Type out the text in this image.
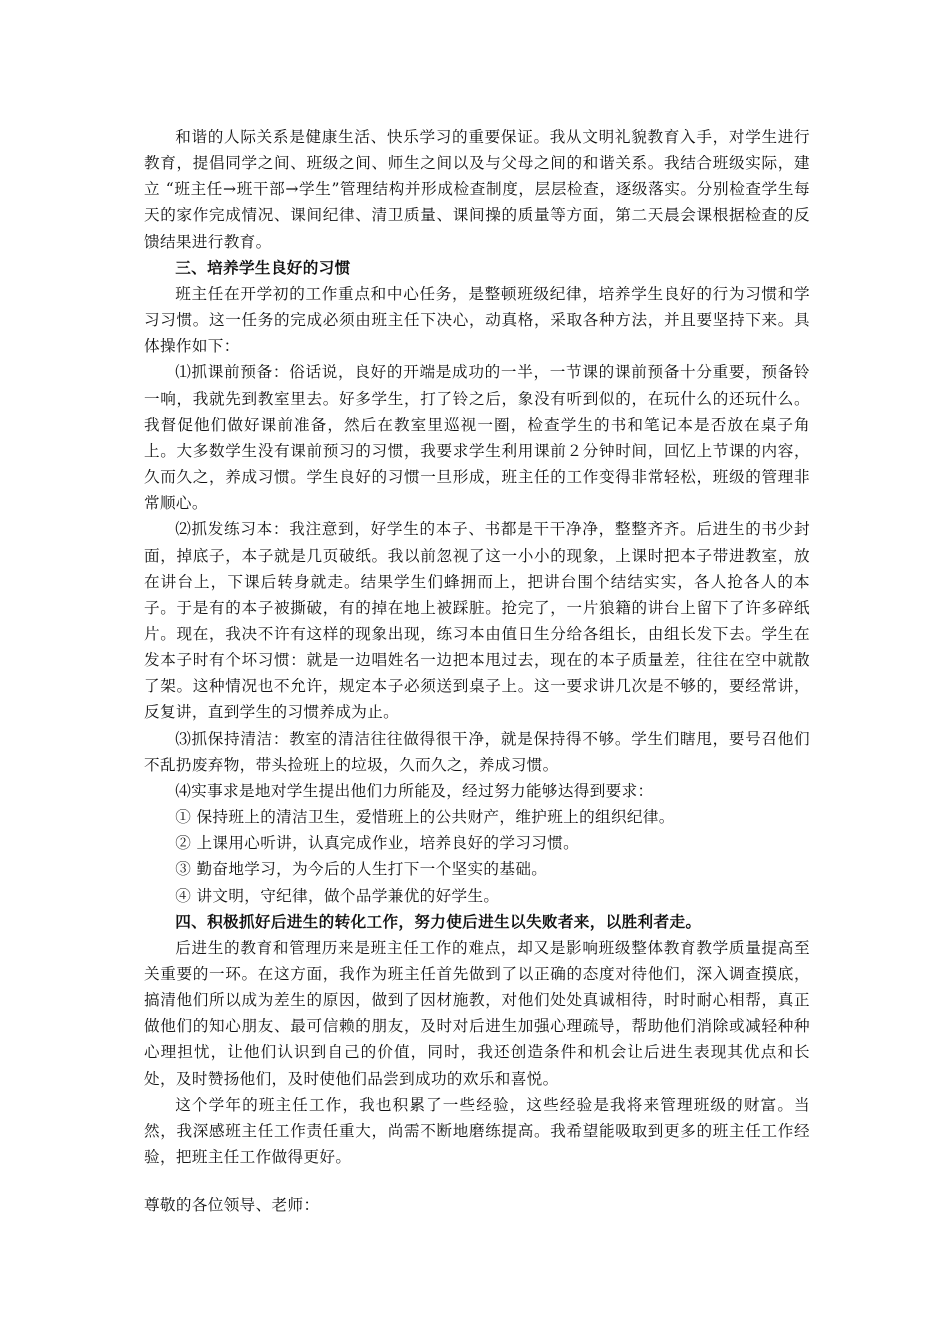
和谐的人际关系是健康生活、快乐学习的重要保证。我从文明礼貌教育入手，对学生进行教育，提倡同学之间、班级之间、师生之间以及与父母之间的和谐关系。我结合班级实际，建立 “班主任→班干部→学生”管理结构并形成检查制度，层层检查，逐级落实。分别检查学生每天的家作完成情况、课间纪律、清卫质量、课间操的质量等方面，第二天晨会课根据检查的反馈结果进行教育。

三、培养学生良好的习惯

班主任在开学初的工作重点和中心任务，是整顿班级纪律，培养学生良好的行为习惯和学习习惯。这一任务的完成必须由班主任下决心，动真格，采取各种方法，并且要坚持下来。具体操作如下：

⑴抓课前预备：俗话说，良好的开端是成功的一半，一节课的课前预备十分重要，预备铃一响，我就先到教室里去。好多学生，打了铃之后，象没有听到似的，在玩什么的还玩什么。我督促他们做好课前准备，然后在教室里巡视一圈，检查学生的书和笔记本是否放在桌子角上。大多数学生没有课前预习的习惯，我要求学生利用课前２分钟时间，回忆上节课的内容，久而久之，养成习惯。学生良好的习惯一旦形成，班主任的工作变得非常轻松，班级的管理非常顺心。

⑵抓发练习本：我注意到，好学生的本子、书都是干干净净，整整齐齐。后进生的书少封面，掉底子，本子就是几页破纸。我以前忽视了这一小小的现象，上课时把本子带进教室，放在讲台上，下课后转身就走。结果学生们蜂拥而上，把讲台围个结结实实，各人抢各人的本子。于是有的本子被撕破，有的掉在地上被踩脏。抢完了，一片狼籍的讲台上留下了许多碎纸片。现在，我决不许有这样的现象出现，练习本由值日生分给各组长，由组长发下去。学生在发本子时有个坏习惯：就是一边唱姓名一边把本甩过去，现在的本子质量差，往往在空中就散了架。这种情况也不允许，规定本子必须送到桌子上。这一要求讲几次是不够的，要经常讲，反复讲，直到学生的习惯养成为止。

⑶抓保持清洁：教室的清洁往往做得很干净，就是保持得不够。学生们瞎甩，要号召他们不乱扔废弃物，带头捡班上的垃圾，久而久之，养成习惯。

⑷实事求是地对学生提出他们力所能及，经过努力能够达得到要求：

① 保持班上的清洁卫生，爱惜班上的公共财产，维护班上的组织纪律。

② 上课用心听讲，认真完成作业，培养良好的学习习惯。

③ 勤奋地学习，为今后的人生打下一个坚实的基础。

④ 讲文明，守纪律，做个品学兼优的好学生。

四、积极抓好后进生的转化工作，努力使后进生以失败者来，以胜利者走。

后进生的教育和管理历来是班主任工作的难点，却又是影响班级整体教育教学质量提高至关重要的一环。在这方面，我作为班主任首先做到了以正确的态度对待他们，深入调查摸底，搞清他们所以成为差生的原因，做到了因材施教，对他们处处真诚相待，时时耐心相帮，真正做他们的知心朋友、最可信赖的朋友，及时对后进生加强心理疏导，帮助他们消除或减轻种种心理担忧，让他们认识到自己的价值，同时，我还创造条件和机会让后进生表现其优点和长处，及时赞扬他们，及时使他们品尝到成功的欢乐和喜悦。

这个学年的班主任工作，我也积累了一些经验，这些经验是我将来管理班级的财富。当然，我深感班主任工作责任重大，尚需不断地磨练提高。我希望能吸取到更多的班主任工作经验，把班主任工作做得更好。

尊敬的各位领导、老师：
